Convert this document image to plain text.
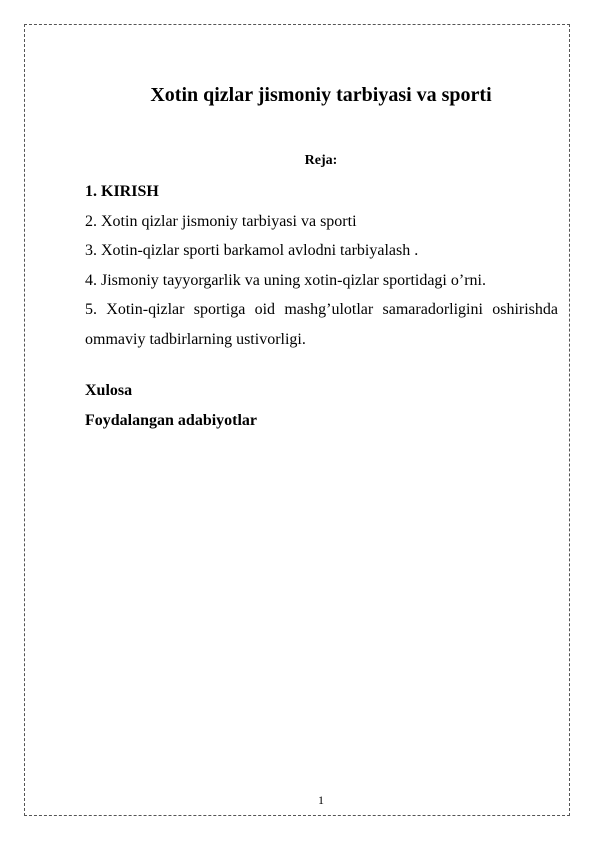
Xotin qizlar jismoniy tarbiyasi va sporti
Reja:

1. KIRISH

2. Xotin qizlar jismoniy tarbiyasi va sporti

3. Xotin-qizlar sporti barkamol avlodni tarbiyalash .

4. Jismoniy tayyorgarlik va uning xotin-qizlar sportidagi o’rni.

5. Xotin-qizlar sportiga oid mashg’ulotlar samaradorligini oshirishda ommaviy tadbirlarning ustivorligi.

Xulosa

Foydalangan adabiyotlar

1
